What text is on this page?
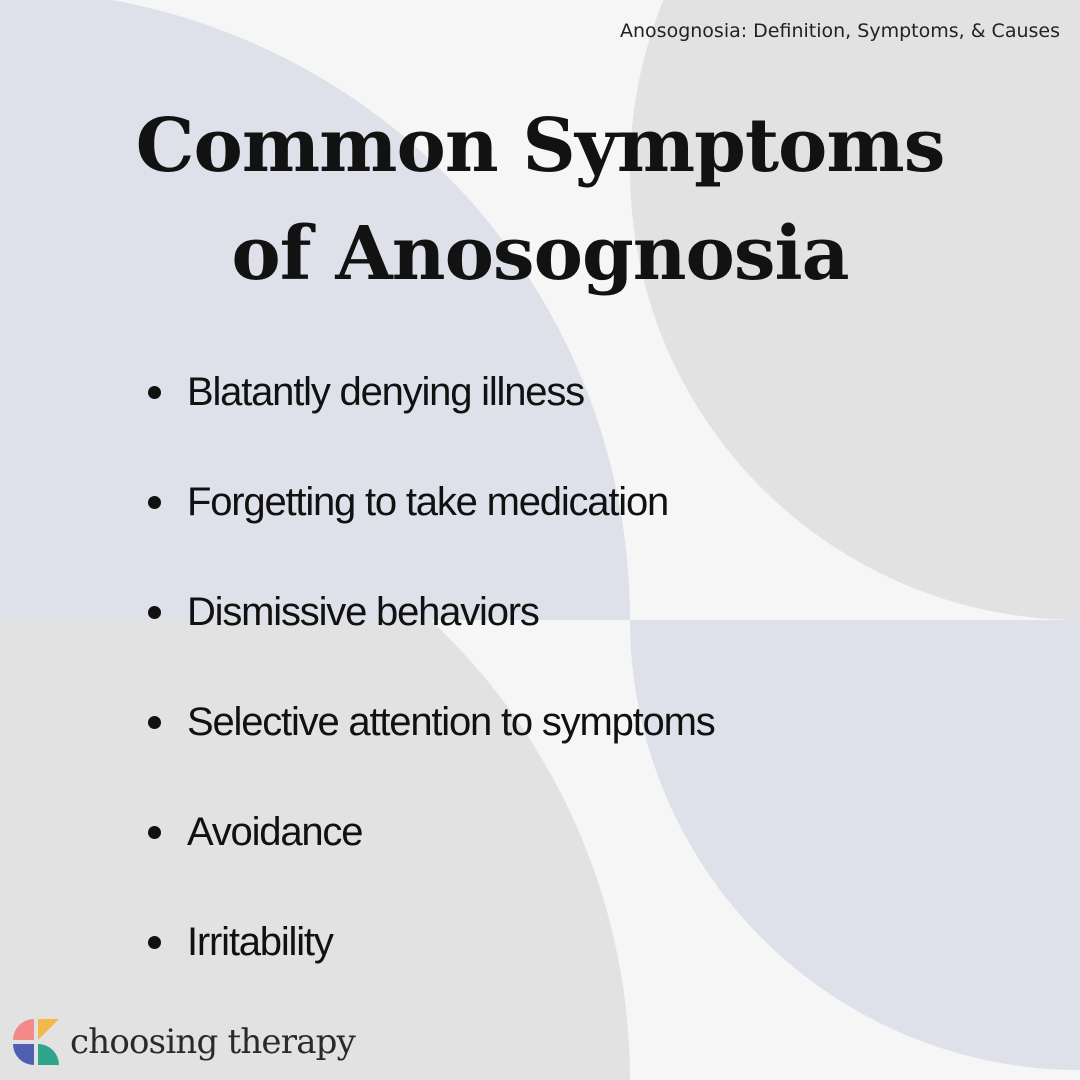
Anosognosia: Definition, Symptoms, & Causes
Common Symptoms
of Anosognosia
Blatantly denying illness
Forgetting to take medication
Dismissive behaviors
Selective attention to symptoms
Avoidance
Irritability
choosing therapy
